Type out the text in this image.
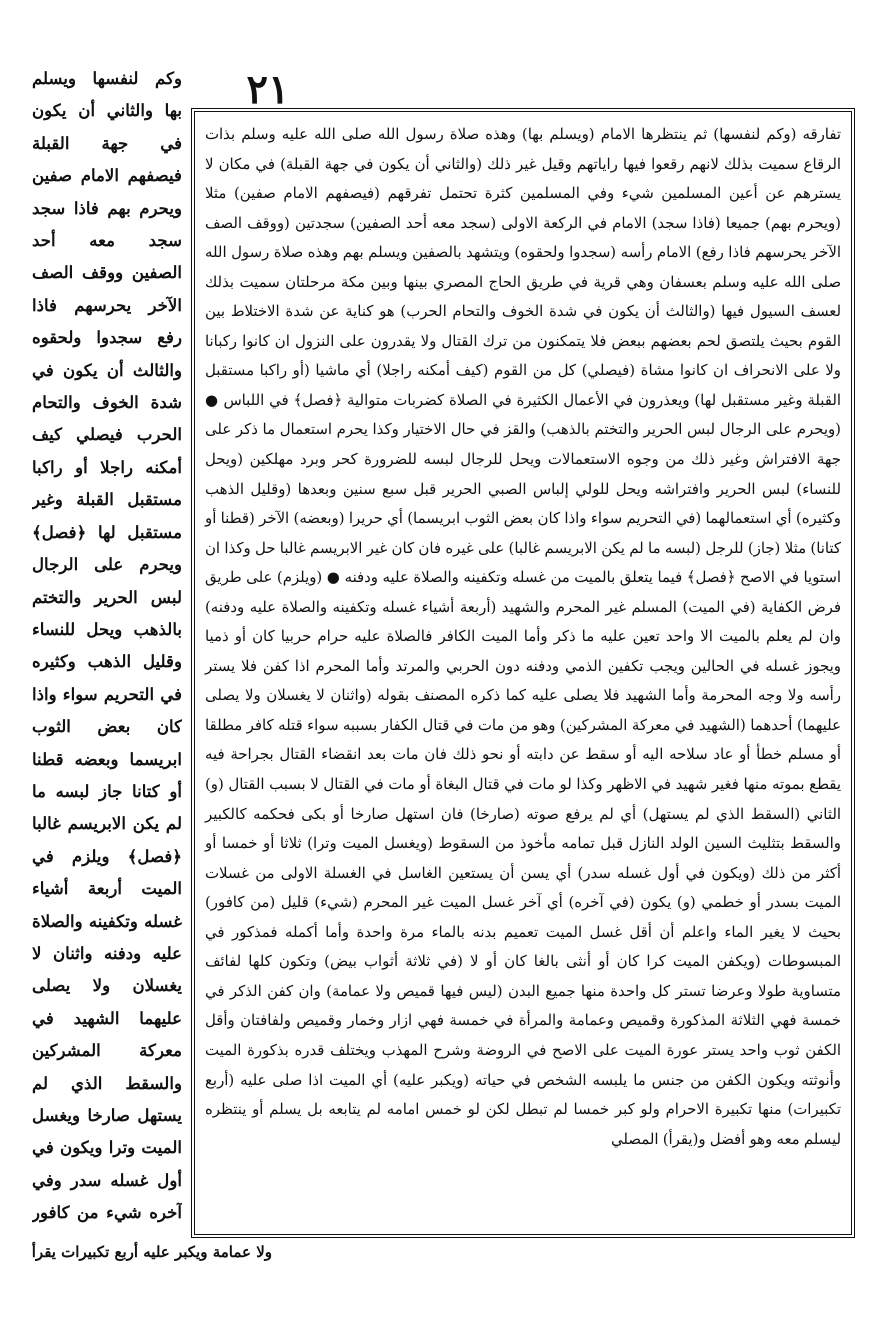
٢١

وكم لنفسها ويسلم بها والثاني أن يكون في جهة القبلة فيصفهم الامام صفين ويحرم بهم فاذا سجد سجد معه أحد الصفين ووقف الصف الآخر يحرسهم فاذا رفع سجدوا ولحقوه والثالث أن يكون في شدة الخوف والتحام الحرب فيصلي كيف أمكنه راجلا أو راكبا مستقبل القبلة وغير مستقبل لها ﴿فصل﴾ ويحرم على الرجال لبس الحرير والتختم بالذهب ويحل للنساء وقليل الذهب وكثيره في التحريم سواء واذا كان بعض الثوب ابريسما وبعضه قطنا أو كتانا جاز لبسه ما لم يكن الابريسم غالبا ﴿فصل﴾ ويلزم في الميت أربعة أشياء غسله وتكفينه والصلاة عليه ودفنه واثنان لا يغسلان ولا يصلى عليهما الشهيد في معركة المشركين والسقط الذي لم يستهل صارخا ويغسل الميت وترا ويكون في أول غسله سدر وفي آخره شيء من كافور

تفارقه (وكم لنفسها) ثم ينتظرها الامام (ويسلم بها) وهذه صلاة رسول الله صلى الله عليه وسلم بذات الرقاع سميت بذلك لانهم رقعوا فيها راياتهم وقيل غير ذلك (والثاني أن يكون في جهة القبلة) في مكان لا يسترهم عن أعين المسلمين شيء وفي المسلمين كثرة تحتمل تفرقهم (فيصفهم الامام صفين) مثلا (ويحرم بهم) جميعا (فاذا سجد) الامام في الركعة الاولى (سجد معه أحد الصفين) سجدتين (ووقف الصف الآخر يحرسهم فاذا رفع) الامام رأسه (سجدوا ولحقوه) ويتشهد بالصفين ويسلم بهم وهذه صلاة رسول الله صلى الله عليه وسلم بعسفان وهي قرية في طريق الحاج المصري بينها وبين مكة مرحلتان سميت بذلك لعسف السيول فيها (والثالث أن يكون في شدة الخوف والتحام الحرب) هو كناية عن شدة الاختلاط بين القوم بحيث يلتصق لحم بعضهم ببعض فلا يتمكنون من ترك القتال ولا يقدرون على النزول ان كانوا ركبانا ولا على الانحراف ان كانوا مشاة (فيصلي) كل من القوم (كيف أمكنه راجلا) أي ماشيا (أو راكبا مستقبل القبلة وغير مستقبل لها) ويعذرون في الأعمال الكثيرة في الصلاة كضربات متوالية ﴿فصل﴾ في اللباس ● (ويحرم على الرجال لبس الحرير والتختم بالذهب) والقز في حال الاختيار وكذا يحرم استعمال ما ذكر على جهة الافتراش وغير ذلك من وجوه الاستعمالات ويحل للرجال لبسه للضرورة كحر وبرد مهلكين (ويحل للنساء) لبس الحرير وافتراشه ويحل للولي إلباس الصبي الحرير قبل سبع سنين وبعدها (وقليل الذهب وكثيره) أي استعمالهما (في التحريم سواء واذا كان بعض الثوب ابريسما) أي حريرا (وبعضه) الآخر (قطنا أو كتانا) مثلا (جاز) للرجل (لبسه ما لم يكن الابريسم غالبا) على غيره فان كان غير الابريسم غالبا حل وكذا ان استويا في الاصح ﴿فصل﴾ فيما يتعلق بالميت من غسله وتكفينه والصلاة عليه ودفنه ● (ويلزم) على طريق فرض الكفاية (في الميت) المسلم غير المحرم والشهيد (أربعة أشياء غسله وتكفينه والصلاة عليه ودفنه) وان لم يعلم بالميت الا واحد تعين عليه ما ذكر وأما الميت الكافر فالصلاة عليه حرام حربيا كان أو ذميا ويجوز غسله في الحالين ويجب تكفين الذمي ودفنه دون الحربي والمرتد وأما المحرم اذا كفن فلا يستر رأسه ولا وجه المحرمة وأما الشهيد فلا يصلى عليه كما ذكره المصنف بقوله (واثنان لا يغسلان ولا يصلى عليهما) أحدهما (الشهيد في معركة المشركين) وهو من مات في قتال الكفار بسببه سواء قتله كافر مطلقا أو مسلم خطأ أو عاد سلاحه اليه أو سقط عن دابته أو نحو ذلك فان مات بعد انقضاء القتال بجراحة فيه يقطع بموته منها فغير شهيد في الاظهر وكذا لو مات في قتال البغاة أو مات في القتال لا بسبب القتال (و) الثاني (السقط الذي لم يستهل) أي لم يرفع صوته (صارخا) فان استهل صارخا أو بكى فحكمه كالكبير والسقط بتثليث السين الولد النازل قبل تمامه مأخوذ من السقوط (ويغسل الميت وترا) ثلاثا أو خمسا أو أكثر من ذلك (ويكون في أول غسله سدر) أي يسن أن يستعين الغاسل في الغسلة الاولى من غسلات الميت بسدر أو خطمي (و) يكون (في آخره) أي آخر غسل الميت غير المحرم (شيء) قليل (من كافور) بحيث لا يغير الماء واعلم أن أقل غسل الميت تعميم بدنه بالماء مرة واحدة وأما أكمله فمذكور في المبسوطات (ويكفن الميت كرا كان أو أنثى بالغا كان أو لا (في ثلاثة أثواب بيض) وتكون كلها لفائف متساوية طولا وعرضا تستر كل واحدة منها جميع البدن (ليس فيها قميص ولا عمامة) وان كفن الذكر في خمسة فهي الثلاثة المذكورة وقميص وعمامة والمرأة في خمسة فهي ازار وخمار وقميص ولفافتان وأقل الكفن ثوب واحد يستر عورة الميت على الاصح في الروضة وشرح المهذب ويختلف قدره بذكورة الميت وأنوثته ويكون الكفن من جنس ما يلبسه الشخص في حياته (ويكبر عليه) أي الميت اذا صلى عليه (أربع تكبيرات) منها تكبيرة الاحرام ولو كبر خمسا لم تبطل لكن لو خمس امامه لم يتابعه بل يسلم أو ينتظره ليسلم معه وهو أفضل و(يقرأ) المصلي

ولا عمامة ويكبر عليه أربع تكبيرات يقرأ
